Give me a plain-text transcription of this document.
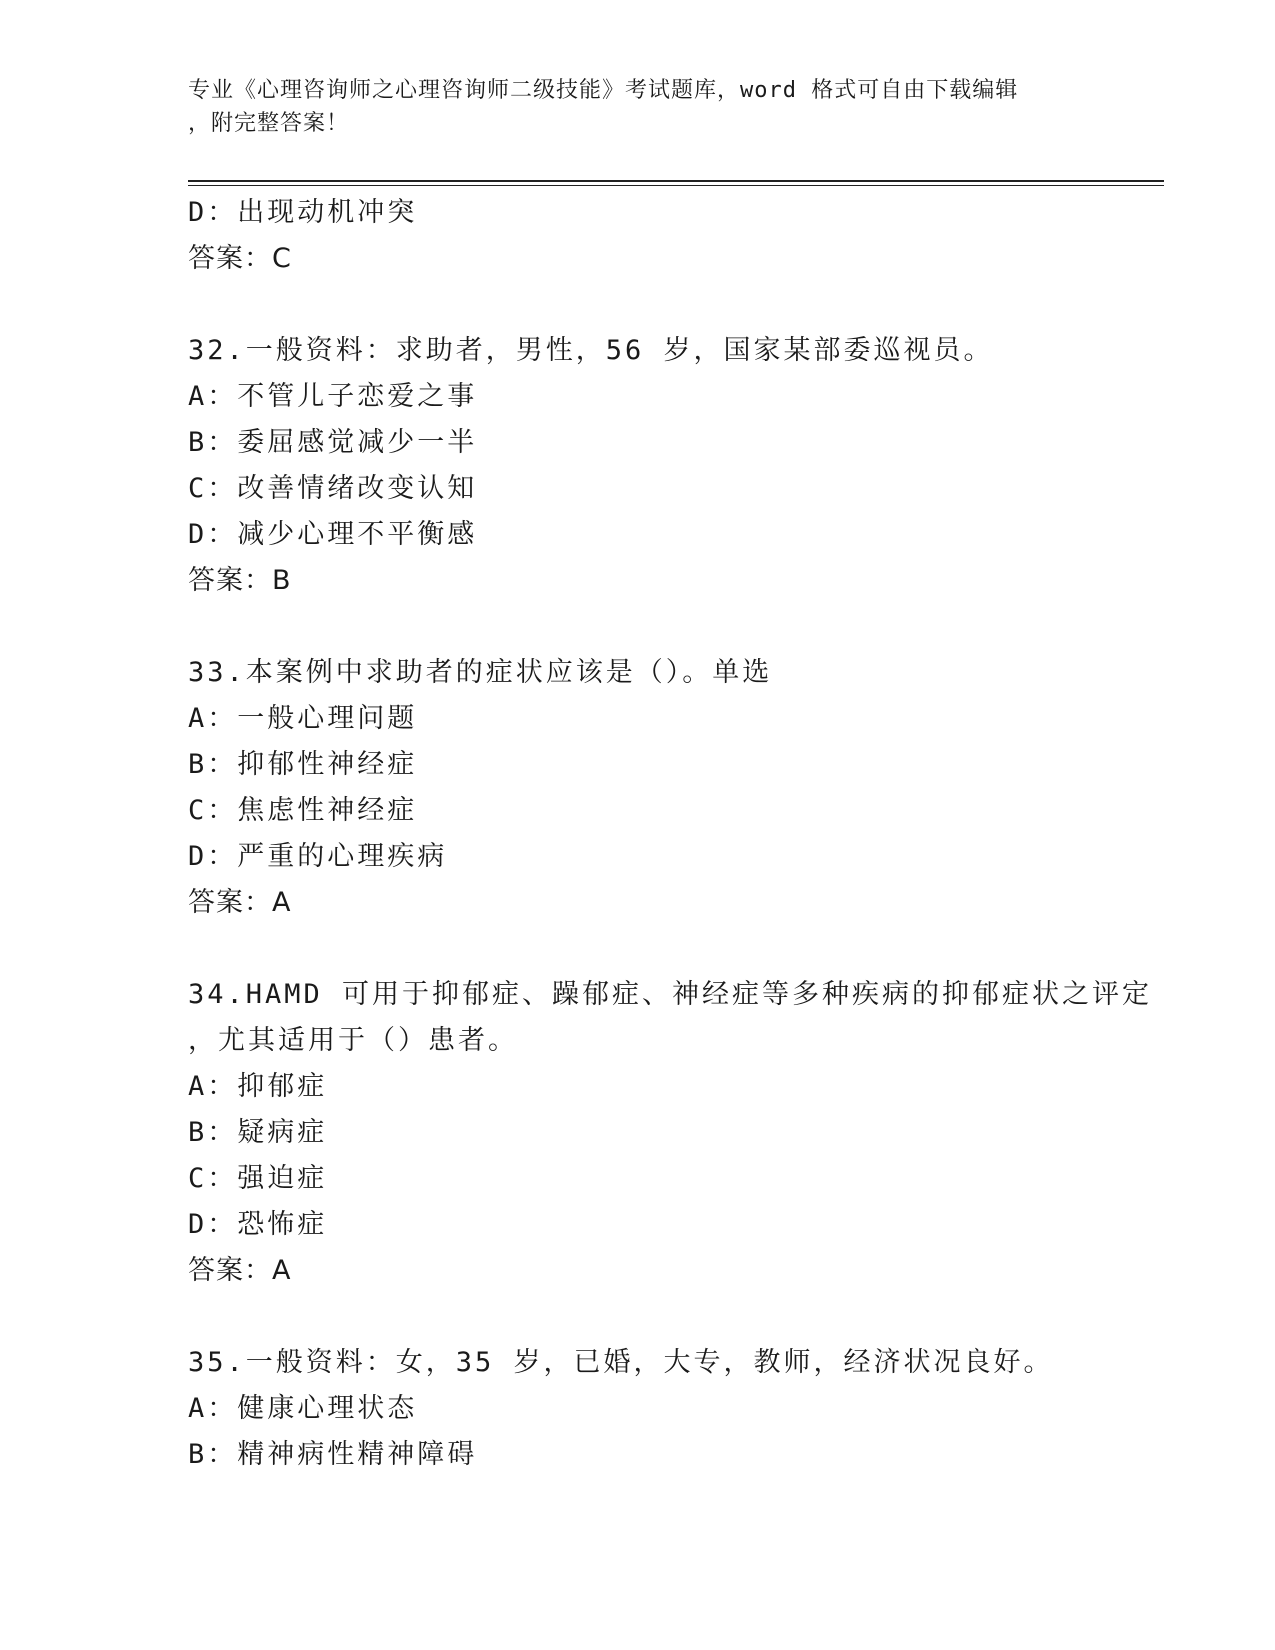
专业《心理咨询师之心理咨询师二级技能》考试题库，word 格式可自由下载编辑
，附完整答案！
D：出现动机冲突
答案：C
32.一般资料：求助者，男性，56 岁，国家某部委巡视员。
A：不管儿子恋爱之事
B：委屈感觉减少一半
C：改善情绪改变认知
D：减少心理不平衡感
答案：B
33.本案例中求助者的症状应该是（）。单选
A：一般心理问题
B：抑郁性神经症
C：焦虑性神经症
D：严重的心理疾病
答案：A
34.HAMD 可用于抑郁症、躁郁症、神经症等多种疾病的抑郁症状之评定
，尤其适用于（）患者。
A：抑郁症
B：疑病症
C：强迫症
D：恐怖症
答案：A
35.一般资料：女，35 岁，已婚，大专，教师，经济状况良好。
A：健康心理状态
B：精神病性精神障碍
